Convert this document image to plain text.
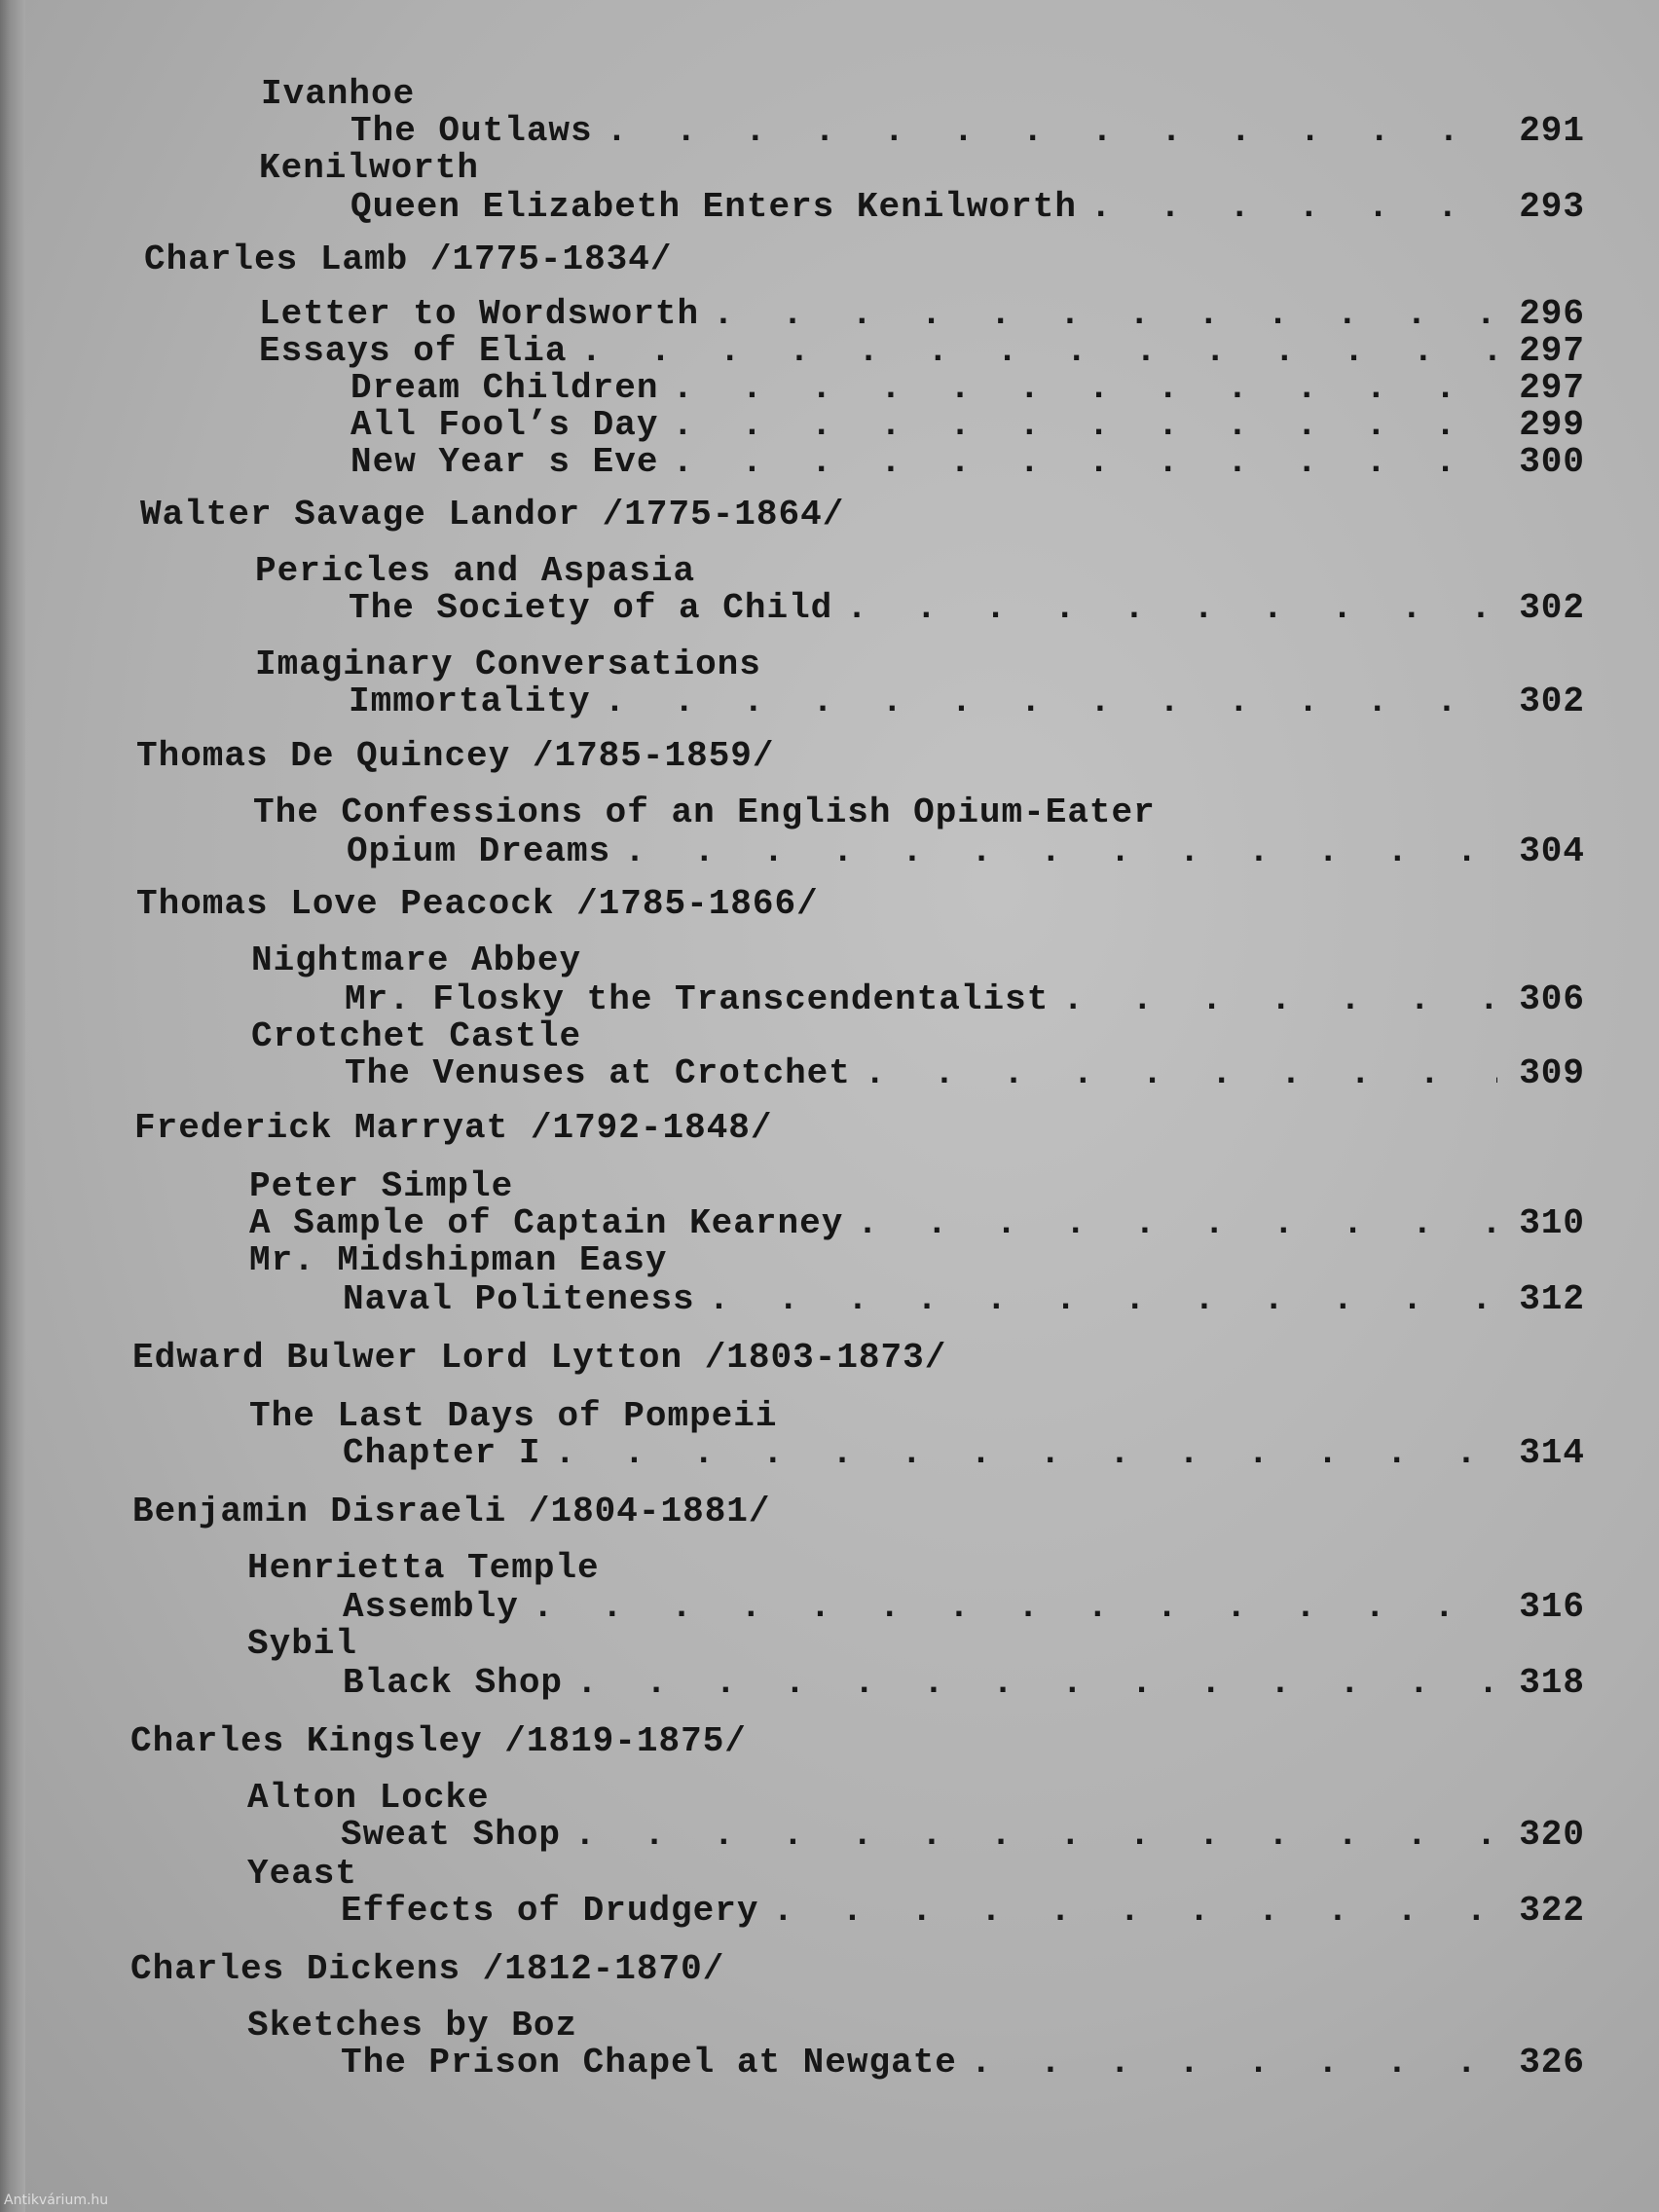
Ivanhoe
The Outlaws . . .	291
Kenilworth
Queen Elizabeth Enters Kenilworth . . .	293
Charles Lamb /1775-1834/
Letter to Wordsworth . . .	296
Essays of Elia . . .	297
Dream Children . . .	297
All Fool’s Day . . .	299
New Year s Eve . . .	300
Walter Savage Landor /1775-1864/
Pericles and Aspasia
The Society of a Child . . .	302
Imaginary Conversations
Immortality . . .	302
Thomas De Quincey /1785-1859/
The Confessions of an English Opium-Eater
Opium Dreams . . .	304
Thomas Love Peacock /1785-1866/
Nightmare Abbey
Mr. Flosky the Transcendentalist . . .	306
Crotchet Castle
The Venuses at Crotchet . . .	309
Frederick Marryat /1792-1848/
Peter Simple
A Sample of Captain Kearney . . .	310
Mr. Midshipman Easy
Naval Politeness . . .	312
Edward Bulwer Lord Lytton /1803-1873/
The Last Days of Pompeii
Chapter I . . .	314
Benjamin Disraeli /1804-1881/
Henrietta Temple
Assembly . . .	316
Sybil
Black Shop . . .	318
Charles Kingsley /1819-1875/
Alton Locke
Sweat Shop . . .	320
Yeast
Effects of Drudgery . . .	322
Charles Dickens /1812-1870/
Sketches by Boz
The Prison Chapel at Newgate . . .	326
Antikvárium.hu
